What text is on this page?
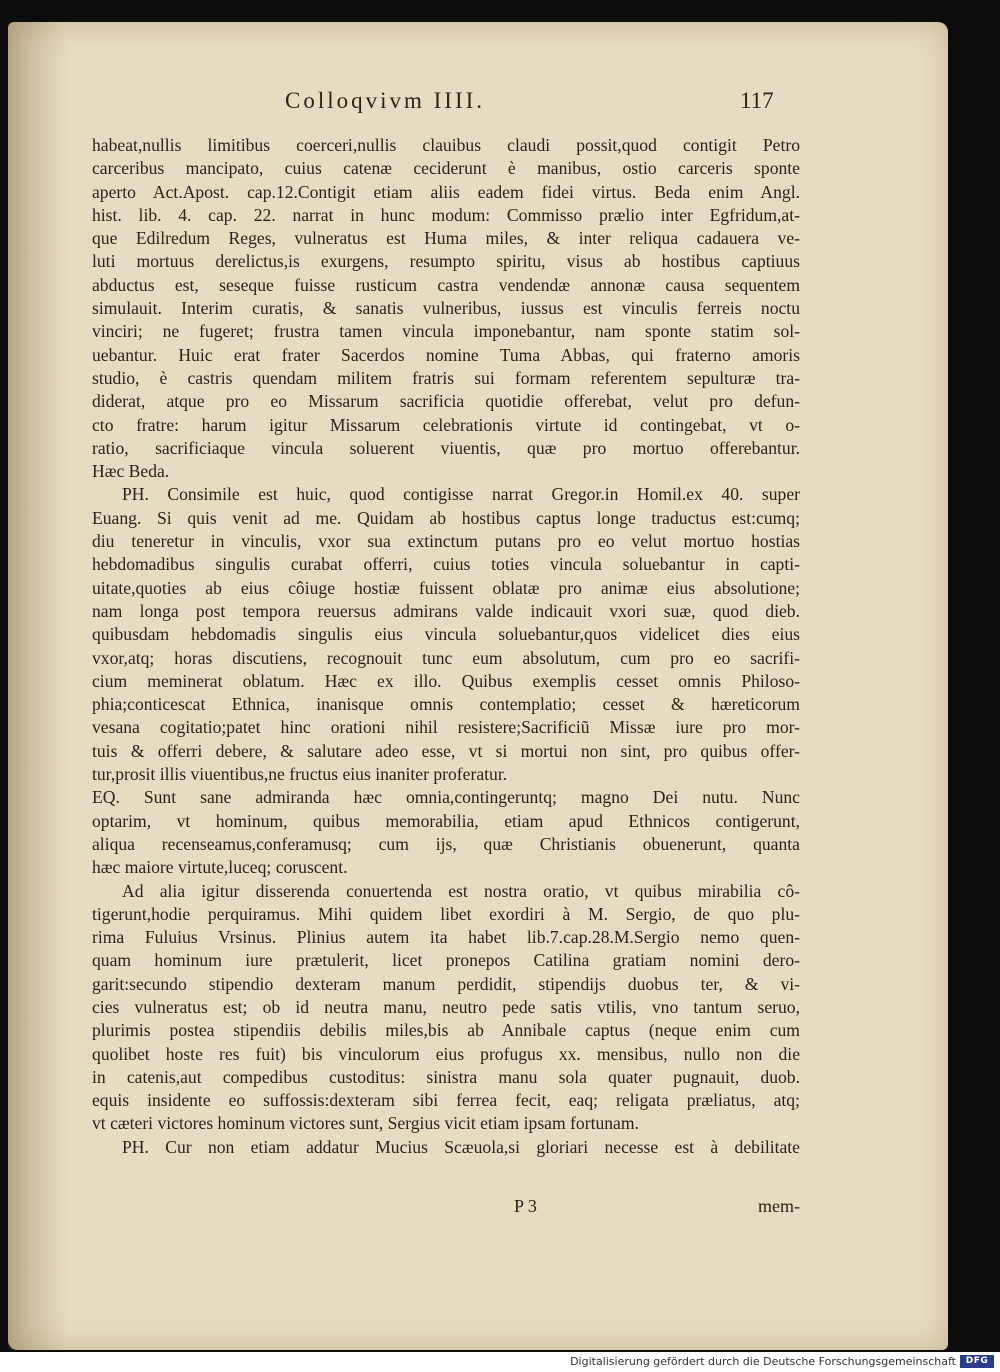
Colloqvivm IIII.	117
habeat,nullis limitibus coerceri,nullis clauibus claudi possit,quod contigit Petro
carceribus mancipato, cuius catenæ ceciderunt è manibus, ostio carceris sponte
aperto Act.Apost. cap.12.Contigit etiam aliis eadem fidei virtus. Beda enim Angl.
hist. lib. 4. cap. 22. narrat in hunc modum: Commisso prælio inter Egfridum,at-
que Edilredum Reges, vulneratus est Huma miles, & inter reliqua cadauera ve-
luti mortuus derelictus,is exurgens, resumpto spiritu, visus ab hostibus captiuus
abductus est, seseque fuisse rusticum castra vendendæ annonæ causa sequentem
simulauit. Interim curatis, & sanatis vulneribus, iussus est vinculis ferreis noctu
vinciri; ne fugeret; frustra tamen vincula imponebantur, nam sponte statim sol-
uebantur. Huic erat frater Sacerdos nomine Tuma Abbas, qui fraterno amoris
studio, è castris quendam militem fratris sui formam referentem sepulturæ tra-
diderat, atque pro eo Missarum sacrificia quotidie offerebat, velut pro defun-
cto fratre: harum igitur Missarum celebrationis virtute id contingebat, vt o-
ratio, sacrificiaque vincula soluerent viuentis, quæ pro mortuo offerebantur.
Hæc Beda.
PH. Consimile est huic, quod contigisse narrat Gregor.in Homil.ex 40. super
Euang. Si quis venit ad me. Quidam ab hostibus captus longe traductus est:cumq;
diu teneretur in vinculis, vxor sua extinctum putans pro eo velut mortuo hostias
hebdomadibus singulis curabat offerri, cuius toties vincula soluebantur in capti-
uitate,quoties ab eius côiuge hostiæ fuissent oblatæ pro animæ eius absolutione;
nam longa post tempora reuersus admirans valde indicauit vxori suæ, quod dieb.
quibusdam hebdomadis singulis eius vincula soluebantur,quos videlicet dies eius
vxor,atq; horas discutiens, recognouit tunc eum absolutum, cum pro eo sacrifi-
cium meminerat oblatum. Hæc ex illo. Quibus exemplis cesset omnis Philoso-
phia;conticescat Ethnica, inanisque omnis contemplatio; cesset & hæreticorum
vesana cogitatio;patet hinc orationi nihil resistere;Sacrificiũ Missæ iure pro mor-
tuis & offerri debere, & salutare adeo esse, vt si mortui non sint, pro quibus offer-
tur,prosit illis viuentibus,ne fructus eius inaniter proferatur.
EQ. Sunt sane admiranda hæc omnia,contingeruntq; magno Dei nutu. Nunc
optarim, vt hominum, quibus memorabilia, etiam apud Ethnicos contigerunt,
aliqua recenseamus,conferamusq; cum ijs, quæ Christianis obuenerunt, quanta
hæc maiore virtute,luceq; coruscent.
Ad alia igitur disserenda conuertenda est nostra oratio, vt quibus mirabilia cô-
tigerunt,hodie perquiramus. Mihi quidem libet exordiri à M. Sergio, de quo plu-
rima Fuluius Vrsinus. Plinius autem ita habet lib.7.cap.28.M.Sergio nemo quen-
quam hominum iure prætulerit, licet pronepos Catilina gratiam nomini dero-
garit:secundo stipendio dexteram manum perdidit, stipendijs duobus ter, & vi-
cies vulneratus est; ob id neutra manu, neutro pede satis vtilis, vno tantum seruo,
plurimis postea stipendiis debilis miles,bis ab Annibale captus (neque enim cum
quolibet hoste res fuit) bis vinculorum eius profugus xx. mensibus, nullo non die
in catenis,aut compedibus custoditus: sinistra manu sola quater pugnauit, duob.
equis insidente eo suffossis:dexteram sibi ferrea fecit, eaq; religata præliatus, atq;
vt cæteri victores hominum victores sunt, Sergius vicit etiam ipsam fortunam.
PH. Cur non etiam addatur Mucius Scæuola,si gloriari necesse est à debilitate
P 3	mem-
Digitalisierung gefördert durch die Deutsche Forschungsgemeinschaft	DFG
